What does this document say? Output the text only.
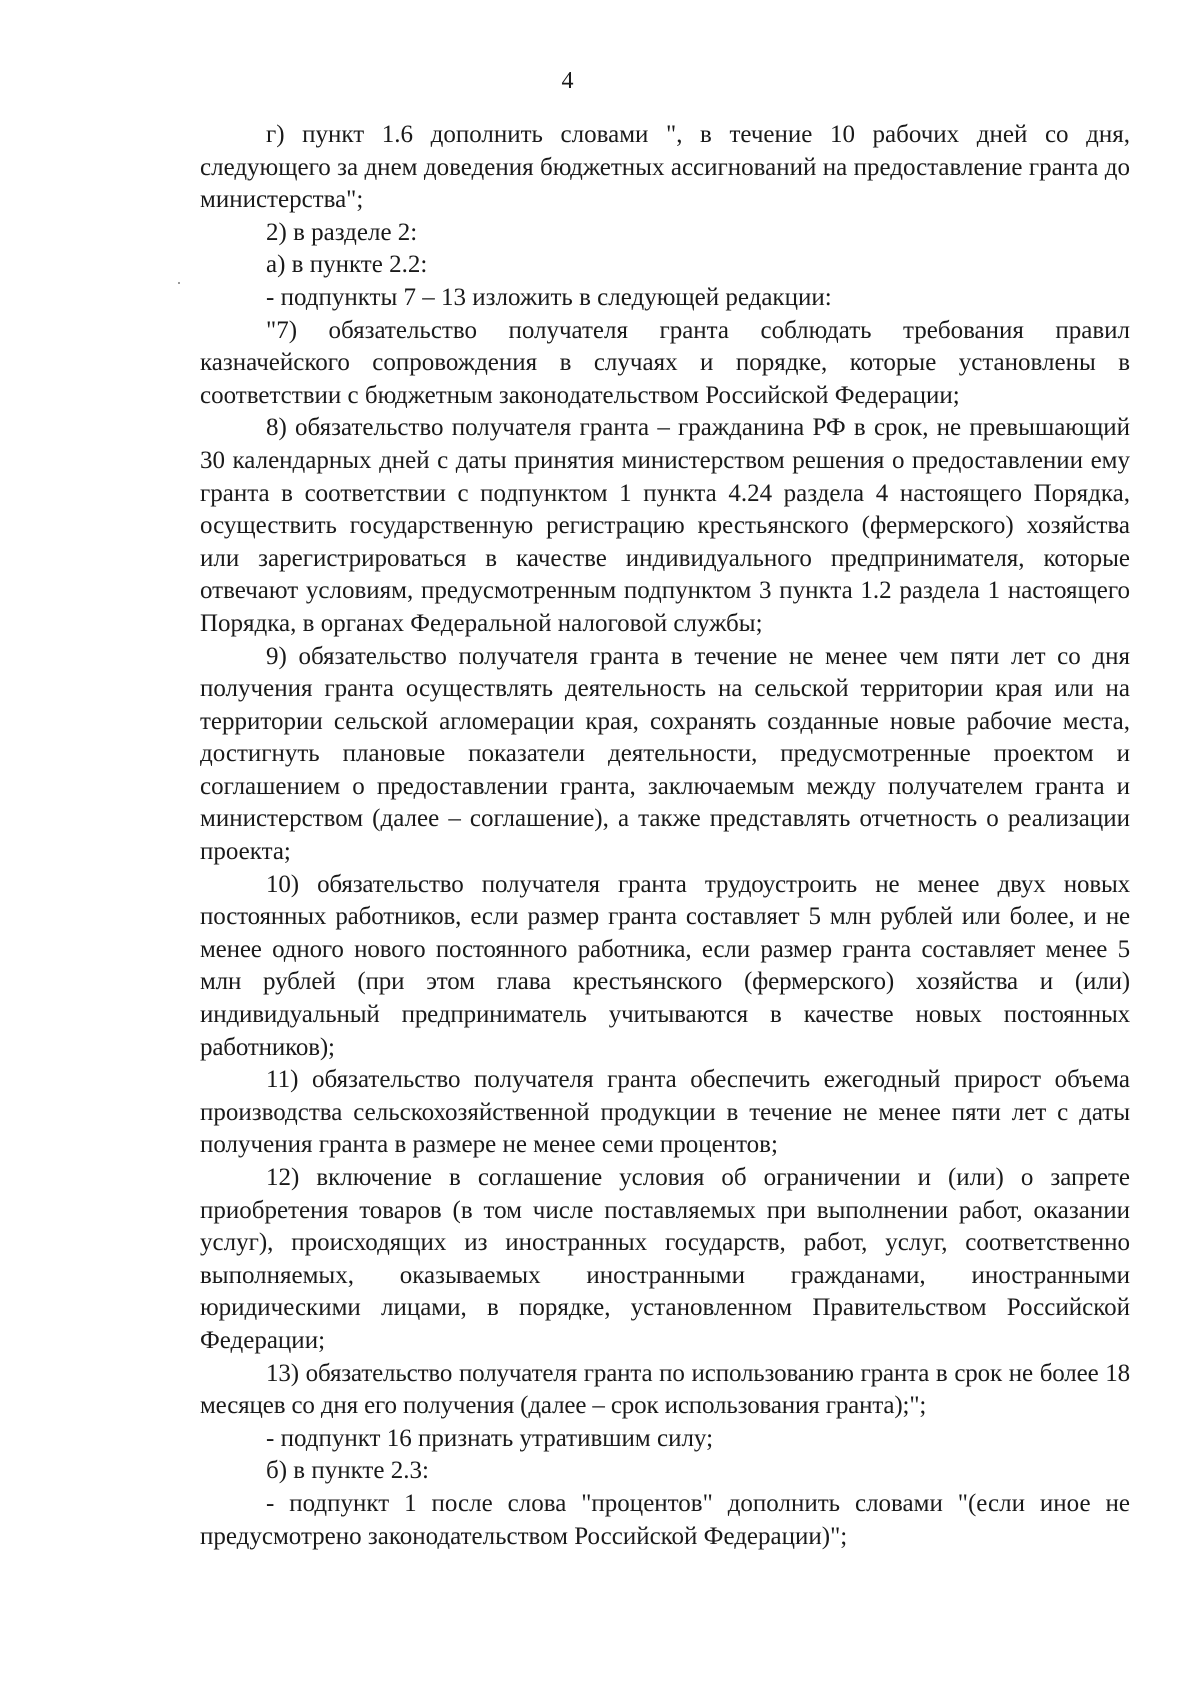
4

г) пункт 1.6 дополнить словами ", в течение 10 рабочих дней со дня, следующего за днем доведения бюджетных ассигнований на предоставление гранта до министерства";

2) в разделе 2:

а) в пункте 2.2:

- подпункты 7 – 13 изложить в следующей редакции:

"7) обязательство получателя гранта соблюдать требования правил казначейского сопровождения в случаях и порядке, которые установлены в соответствии с бюджетным законодательством Российской Федерации;

8) обязательство получателя гранта – гражданина РФ в срок, не превышающий 30 календарных дней с даты принятия министерством решения о предоставлении ему гранта в соответствии с подпунктом 1 пункта 4.24 раздела 4 настоящего Порядка, осуществить государственную регистрацию крестьянского (фермерского) хозяйства или зарегистрироваться в качестве индивидуального предпринимателя, которые отвечают условиям, предусмотренным подпунктом 3 пункта 1.2 раздела 1 настоящего Порядка, в органах Федеральной налоговой службы;

9) обязательство получателя гранта в течение не менее чем пяти лет со дня получения гранта осуществлять деятельность на сельской территории края или на территории сельской агломерации края, сохранять созданные новые рабочие места, достигнуть плановые показатели деятельности, предусмотренные проектом и соглашением о предоставлении гранта, заключаемым между получателем гранта и министерством (далее – соглашение), а также представлять отчетность о реализации проекта;

10) обязательство получателя гранта трудоустроить не менее двух новых постоянных работников, если размер гранта составляет 5 млн рублей или более, и не менее одного нового постоянного работника, если размер гранта составляет менее 5 млн рублей (при этом глава крестьянского (фермерского) хозяйства и (или) индивидуальный предприниматель учитываются в качестве новых постоянных работников);

11) обязательство получателя гранта обеспечить ежегодный прирост объема производства сельскохозяйственной продукции в течение не менее пяти лет с даты получения гранта в размере не менее семи процентов;

12) включение в соглашение условия об ограничении и (или) о запрете приобретения товаров (в том числе поставляемых при выполнении работ, оказании услуг), происходящих из иностранных государств, работ, услуг, соответственно выполняемых, оказываемых иностранными гражданами, иностранными юридическими лицами, в порядке, установленном Правительством Российской Федерации;

13) обязательство получателя гранта по использованию гранта в срок не более 18 месяцев со дня его получения (далее – срок использования гранта);";

- подпункт 16 признать утратившим силу;

б) в пункте 2.3:

- подпункт 1 после слова "процентов" дополнить словами "(если иное не предусмотрено законодательством Российской Федерации)";
